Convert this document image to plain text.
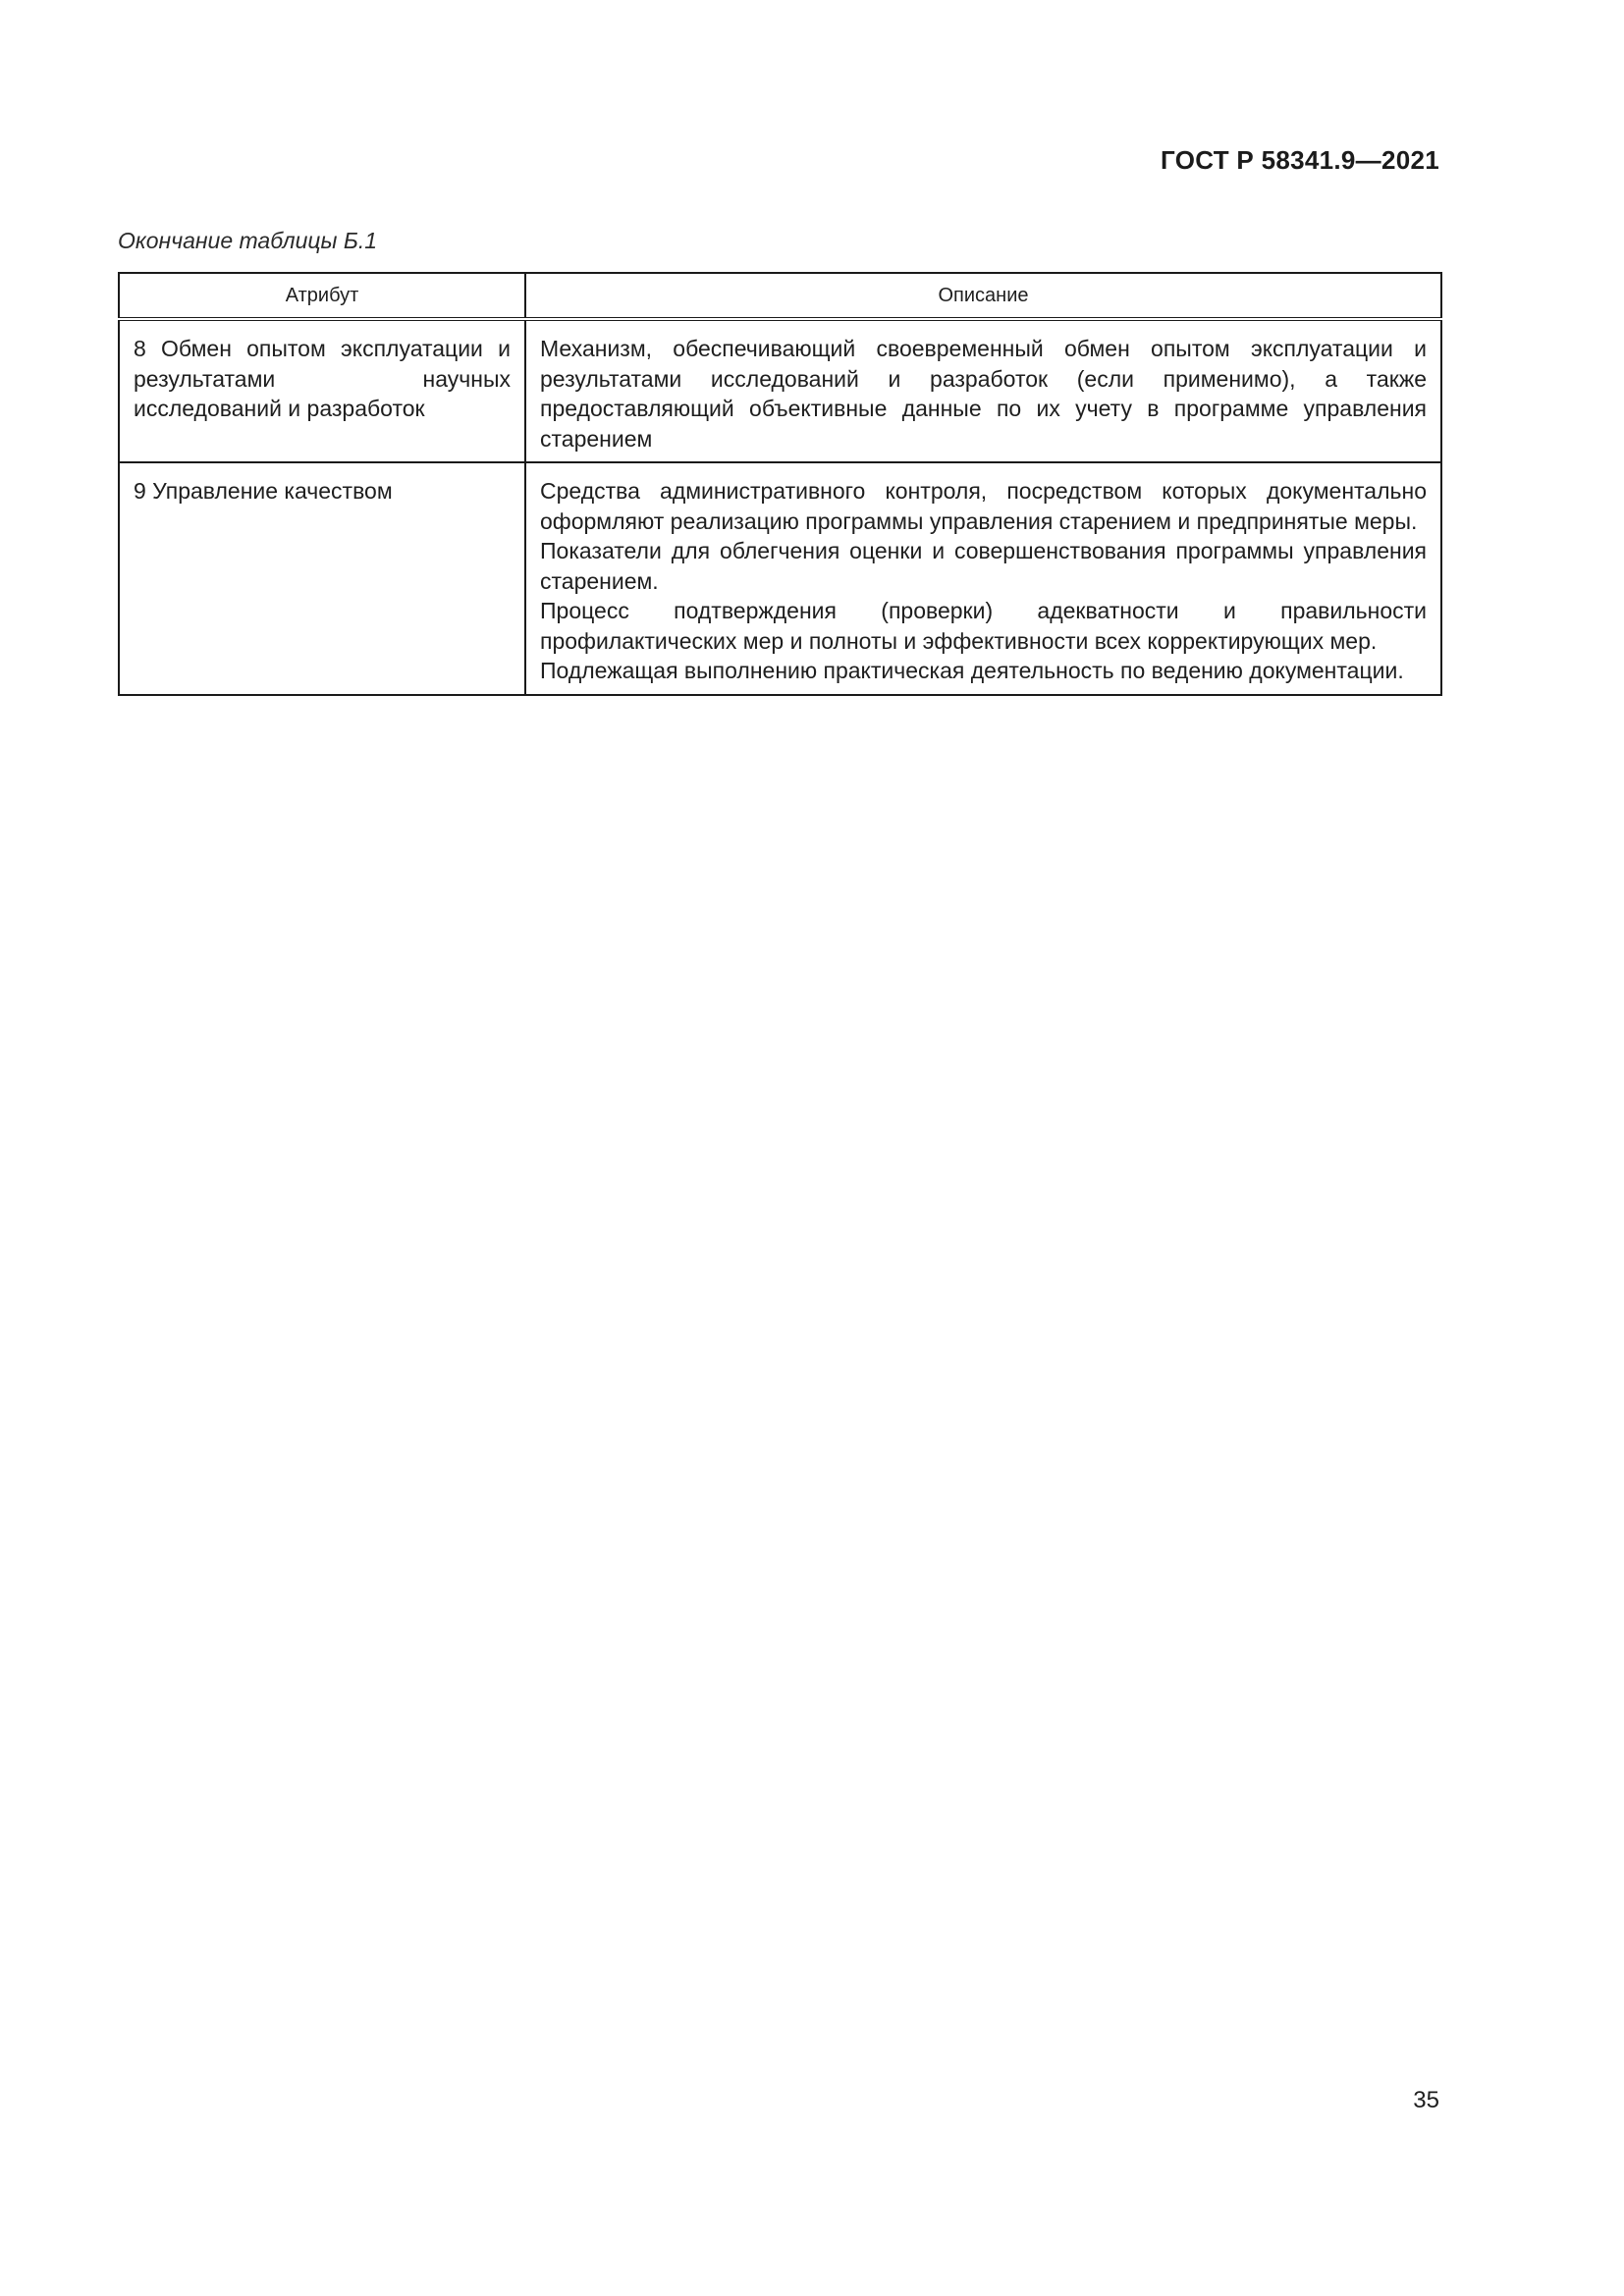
ГОСТ Р 58341.9—2021
Окончание таблицы Б.1
Атрибут	Описание
8 Обмен опытом эксплуатации и результатами научных исследований и разработок	Механизм, обеспечивающий своевременный обмен опытом эксплуатации и результатами исследований и разработок (если применимо), а также предоставляющий объективные данные по их учету в программе управления старением

9 Управление качеством	Средства административного контроля, посредством которых документально оформляют реализацию программы управления старением и предпринятые меры.
Показатели для облегчения оценки и совершенствования программы управления старением.
Процесс подтверждения (проверки) адекватности и правильности профилактических мер и полноты и эффективности всех корректирующих мер.
Подлежащая выполнению практическая деятельность по ведению документации.
35
